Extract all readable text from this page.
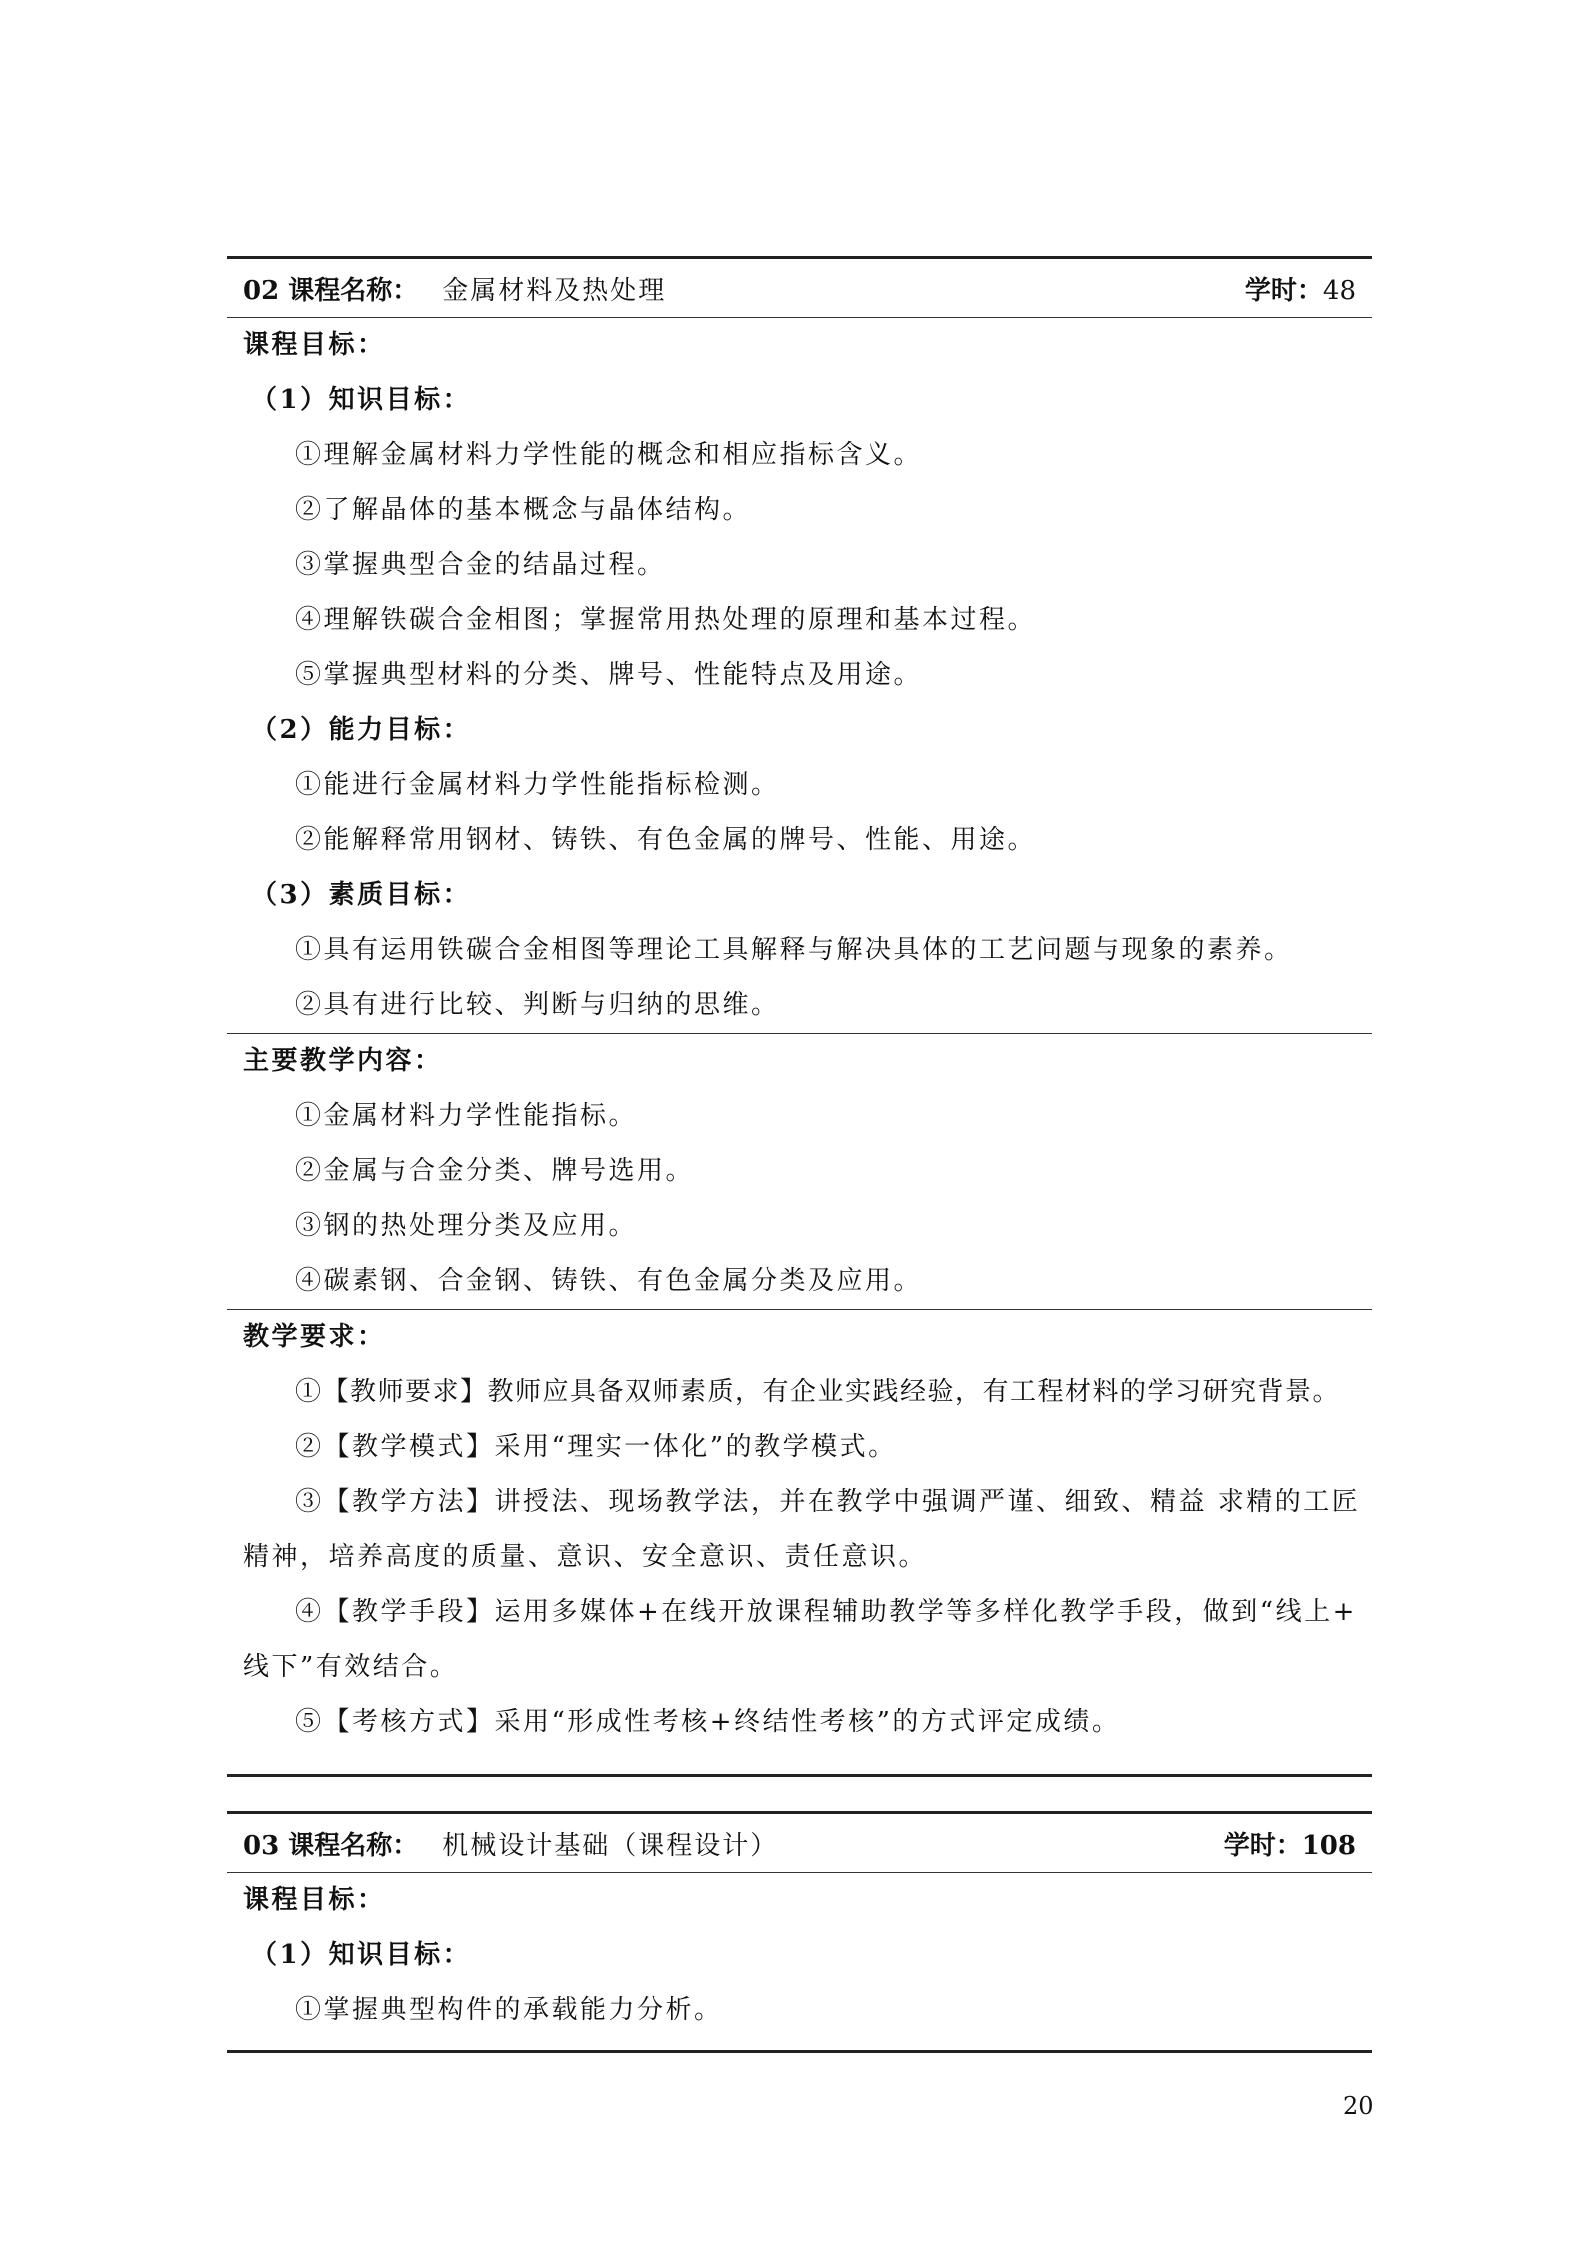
02 课程名称： 金属材料及热处理	学时：48
课程目标：
（1）知识目标：
①理解金属材料力学性能的概念和相应指标含义。
②了解晶体的基本概念与晶体结构。
③掌握典型合金的结晶过程。
④理解铁碳合金相图；掌握常用热处理的原理和基本过程。
⑤掌握典型材料的分类、牌号、性能特点及用途。
（2）能力目标：
①能进行金属材料力学性能指标检测。
②能解释常用钢材、铸铁、有色金属的牌号、性能、用途。
（3）素质目标：
①具有运用铁碳合金相图等理论工具解释与解决具体的工艺问题与现象的素养。
②具有进行比较、判断与归纳的思维。
主要教学内容：
①金属材料力学性能指标。
②金属与合金分类、牌号选用。
③钢的热处理分类及应用。
④碳素钢、合金钢、铸铁、有色金属分类及应用。
教学要求：
①【教师要求】教师应具备双师素质，有企业实践经验，有工程材料的学习研究背景。
②【教学模式】采用“理实一体化”的教学模式。
③【教学方法】讲授法、现场教学法，并在教学中强调严谨、细致、精益 求精的工匠
精神，培养高度的质量、意识、安全意识、责任意识。
④【教学手段】运用多媒体+在线开放课程辅助教学等多样化教学手段，做到“线上+
线下”有效结合。
⑤【考核方式】采用“形成性考核+终结性考核”的方式评定成绩。
03 课程名称： 机械设计基础（课程设计）	学时：108
课程目标：
（1）知识目标：
①掌握典型构件的承载能力分析。
20
